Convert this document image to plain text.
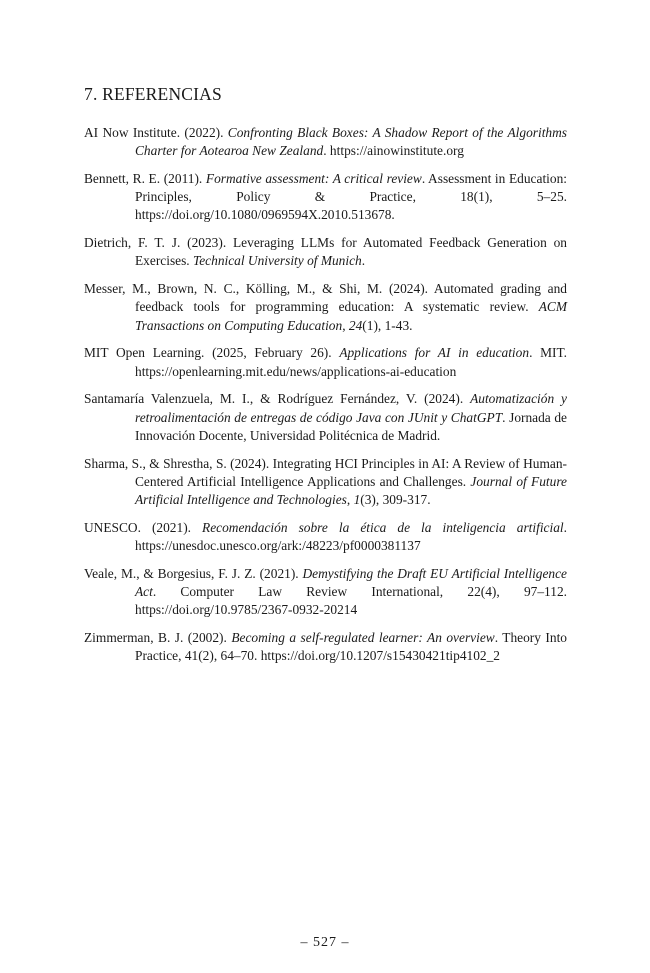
7. REFERENCIAS
AI Now Institute. (2022). Confronting Black Boxes: A Shadow Report of the Algorithms Charter for Aotearoa New Zealand. https://ainowinstitute.org
Bennett, R. E. (2011). Formative assessment: A critical review. Assessment in Education: Principles, Policy & Practice, 18(1), 5–25. https://doi.org/10.1080/0969594X.2010.513678.
Dietrich, F. T. J. (2023). Leveraging LLMs for Automated Feedback Generation on Exercises. Technical University of Munich.
Messer, M., Brown, N. C., Kölling, M., & Shi, M. (2024). Automated grading and feedback tools for programming education: A systematic review. ACM Transactions on Computing Education, 24(1), 1-43.
MIT Open Learning. (2025, February 26). Applications for AI in education. MIT. https://openlearning.mit.edu/news/applications-ai-education
Santamaría Valenzuela, M. I., & Rodríguez Fernández, V. (2024). Automatización y retroalimentación de entregas de código Java con JUnit y ChatGPT. Jornada de Innovación Docente, Universidad Politécnica de Madrid.
Sharma, S., & Shrestha, S. (2024). Integrating HCI Principles in AI: A Review of Human-Centered Artificial Intelligence Applications and Challenges. Journal of Future Artificial Intelligence and Technologies, 1(3), 309-317.
UNESCO. (2021). Recomendación sobre la ética de la inteligencia artificial. https://unesdoc.unesco.org/ark:/48223/pf0000381137
Veale, M., & Borgesius, F. J. Z. (2021). Demystifying the Draft EU Artificial Intelligence Act. Computer Law Review International, 22(4), 97–112. https://doi.org/10.9785/2367-0932-20214
Zimmerman, B. J. (2002). Becoming a self-regulated learner: An overview. Theory Into Practice, 41(2), 64–70. https://doi.org/10.1207/s15430421tip4102_2
– 527 –
